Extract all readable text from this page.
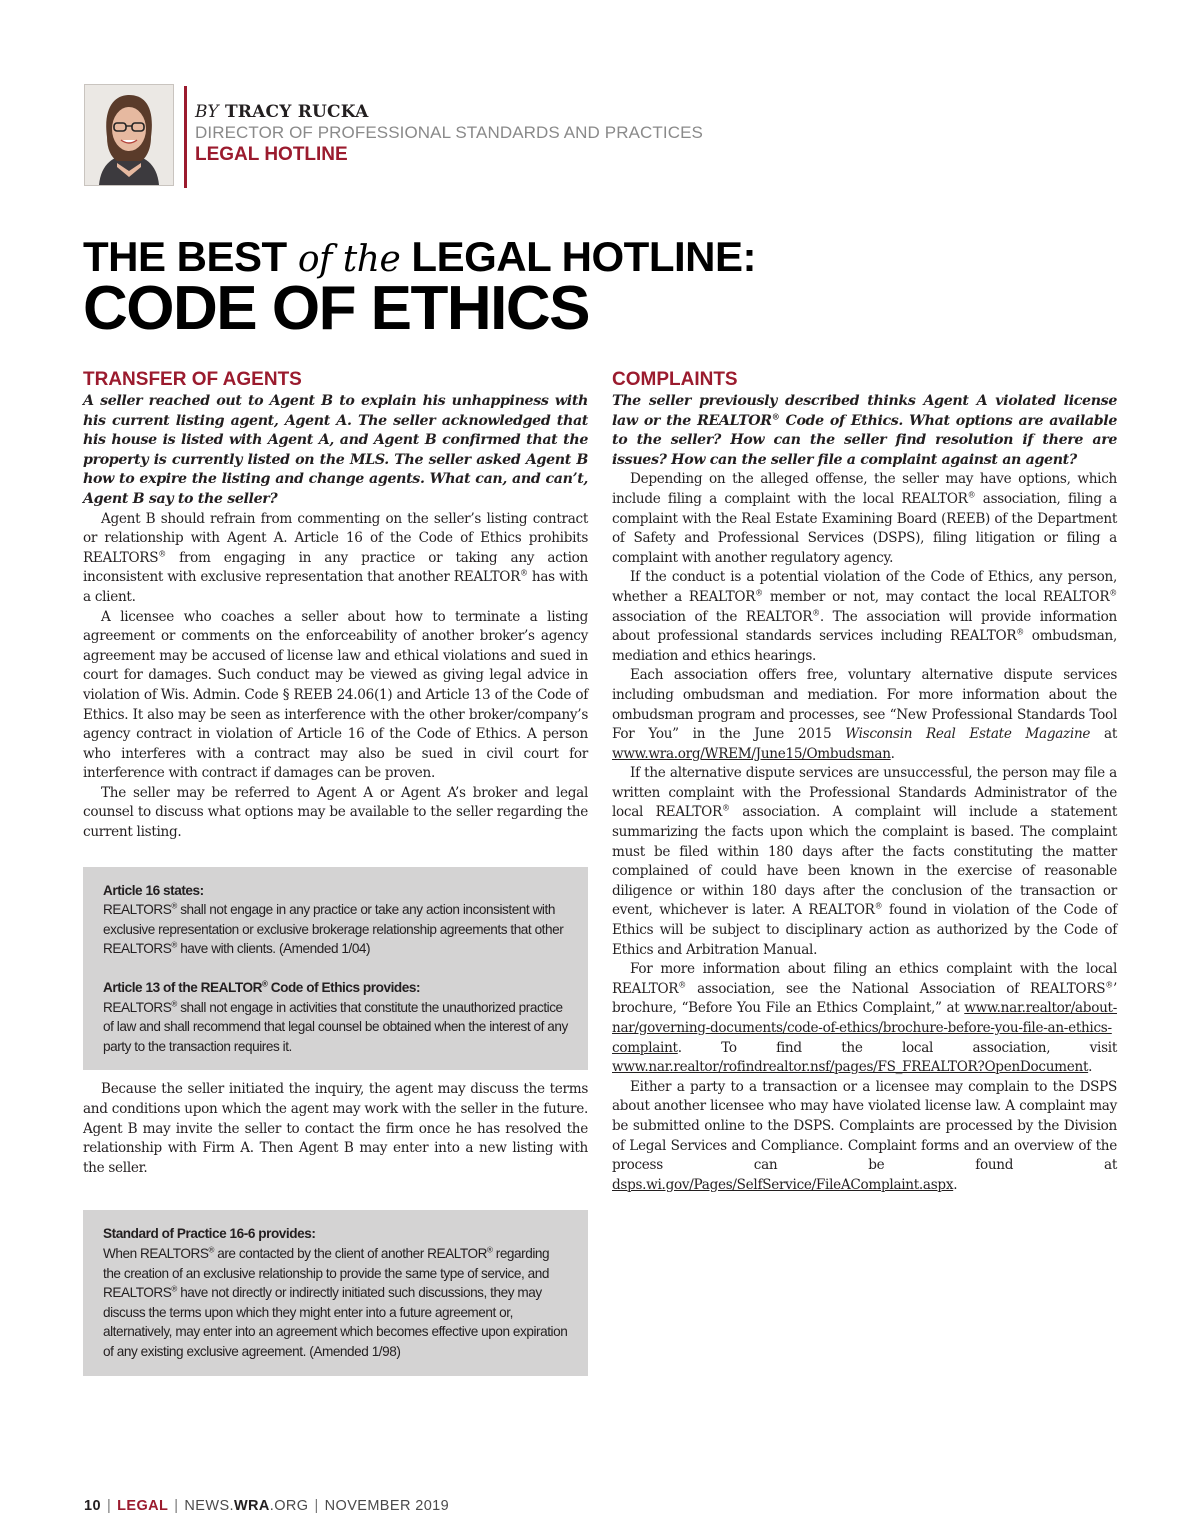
BY TRACY RUCKA
DIRECTOR OF PROFESSIONAL STANDARDS AND PRACTICES
LEGAL HOTLINE
THE BEST of the LEGAL HOTLINE:
CODE OF ETHICS
TRANSFER OF AGENTS

A seller reached out to Agent B to explain his unhappiness with his current listing agent, Agent A. The seller acknowledged that his house is listed with Agent A, and Agent B confirmed that the property is currently listed on the MLS. The seller asked Agent B how to expire the listing and change agents. What can, and can’t, Agent B say to the seller?

Agent B should refrain from commenting on the seller’s listing contract or relationship with Agent A. Article 16 of the Code of Ethics prohibits REALTORS® from engaging in any practice or taking any action inconsistent with exclusive representation that another REALTOR® has with a client.

A licensee who coaches a seller about how to terminate a listing agreement or comments on the enforceability of another broker’s agency agreement may be accused of license law and ethical violations and sued in court for damages. Such conduct may be viewed as giving legal advice in violation of Wis. Admin. Code § REEB 24.06(1) and Article 13 of the Code of Ethics. It also may be seen as interference with the other broker/company’s agency contract in violation of Article 16 of the Code of Ethics. A person who interferes with a contract may also be sued in civil court for interference with contract if damages can be proven.

The seller may be referred to Agent A or Agent A’s broker and legal counsel to discuss what options may be available to the seller regarding the current listing.

Article 16 states:
REALTORS® shall not engage in any practice or take any action inconsistent with exclusive representation or exclusive brokerage relationship agreements that other REALTORS® have with clients. (Amended 1/04)
Article 13 of the REALTOR® Code of Ethics provides:
REALTORS® shall not engage in activities that constitute the unauthorized practice of law and shall recommend that legal counsel be obtained when the interest of any party to the transaction requires it.

Because the seller initiated the inquiry, the agent may discuss the terms and conditions upon which the agent may work with the seller in the future. Agent B may invite the seller to contact the firm once he has resolved the relationship with Firm A. Then Agent B may enter into a new listing with the seller.

Standard of Practice 16-6 provides:
When REALTORS® are contacted by the client of another REALTOR® regarding the creation of an exclusive relationship to provide the same type of service, and REALTORS® have not directly or indirectly initiated such discussions, they may discuss the terms upon which they might enter into a future agreement or, alternatively, may enter into an agreement which becomes effective upon expiration of any existing exclusive agreement. (Amended 1/98)
COMPLAINTS

The seller previously described thinks Agent A violated license law or the REALTOR® Code of Ethics. What options are available to the seller? How can the seller find resolution if there are issues? How can the seller file a complaint against an agent?

Depending on the alleged offense, the seller may have options, which include filing a complaint with the local REALTOR® association, filing a complaint with the Real Estate Examining Board (REEB) of the Department of Safety and Professional Services (DSPS), filing litigation or filing a complaint with another regulatory agency.

If the conduct is a potential violation of the Code of Ethics, any person, whether a REALTOR® member or not, may contact the local REALTOR® association of the REALTOR®. The association will provide information about professional standards services including REALTOR® ombudsman, mediation and ethics hearings.

Each association offers free, voluntary alternative dispute services including ombudsman and mediation. For more information about the ombudsman program and processes, see “New Professional Standards Tool For You” in the June 2015 Wisconsin Real Estate Magazine at www.wra.org/WREM/June15/Ombudsman.

If the alternative dispute services are unsuccessful, the person may file a written complaint with the Professional Standards Administrator of the local REALTOR® association. A complaint will include a statement summarizing the facts upon which the complaint is based. The complaint must be filed within 180 days after the facts constituting the matter complained of could have been known in the exercise of reasonable diligence or within 180 days after the conclusion of the transaction or event, whichever is later. A REALTOR® found in violation of the Code of Ethics will be subject to disciplinary action as authorized by the Code of Ethics and Arbitration Manual.

For more information about filing an ethics complaint with the local REALTOR® association, see the National Association of REALTORS®’ brochure, “Before You File an Ethics Complaint,” at www.nar.realtor/about-nar/governing-documents/code-of-ethics/brochure-before-you-file-an-ethics-complaint. To find the local association, visit www.nar.realtor/rofindrealtor.nsf/pages/FS_FREALTOR?OpenDocument.

Either a party to a transaction or a licensee may complain to the DSPS about another licensee who may have violated license law. A complaint may be submitted online to the DSPS. Complaints are processed by the Division of Legal Services and Compliance. Complaint forms and an overview of the process can be found at dsps.wi.gov/Pages/SelfService/FileAComplaint.aspx.

10 | LEGAL | NEWS.WRA.ORG | NOVEMBER 2019
